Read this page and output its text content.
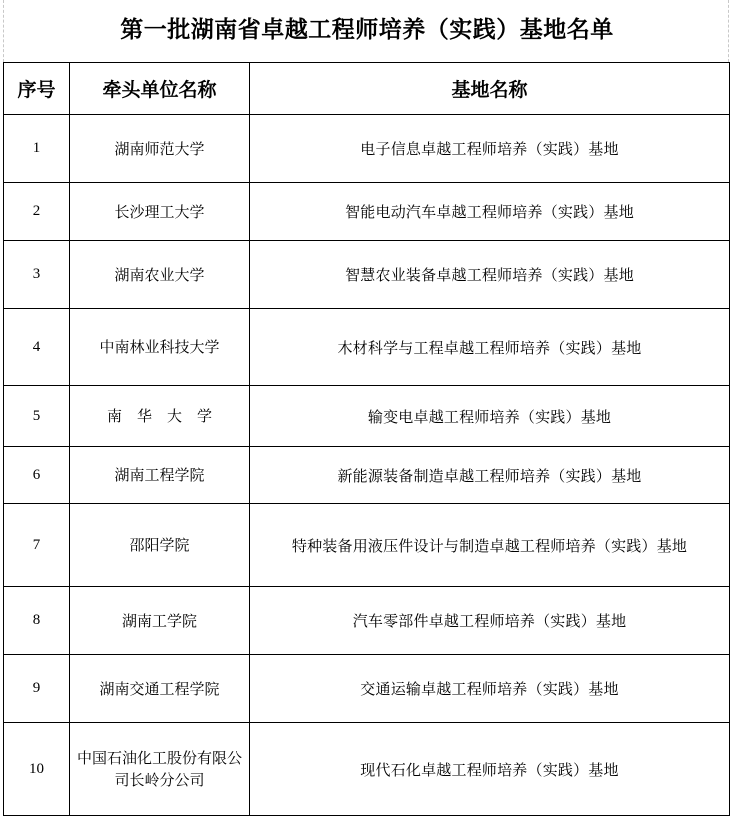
第一批湖南省卓越工程师培养（实践）基地名单
序号	牵头单位名称	基地名称
1	湖南师范大学	电子信息卓越工程师培养（实践）基地
2	长沙理工大学	智能电动汽车卓越工程师培养（实践）基地
3	湖南农业大学	智慧农业装备卓越工程师培养（实践）基地
4	中南林业科技大学	木材科学与工程卓越工程师培养（实践）基地
5	南　华　大　学	输变电卓越工程师培养（实践）基地
6	湖南工程学院	新能源装备制造卓越工程师培养（实践）基地
7	邵阳学院	特种装备用液压件设计与制造卓越工程师培养（实践）基地
8	湖南工学院	汽车零部件卓越工程师培养（实践）基地
9	湖南交通工程学院	交通运输卓越工程师培养（实践）基地
10	中国石油化工股份有限公司长岭分公司	现代石化卓越工程师培养（实践）基地
